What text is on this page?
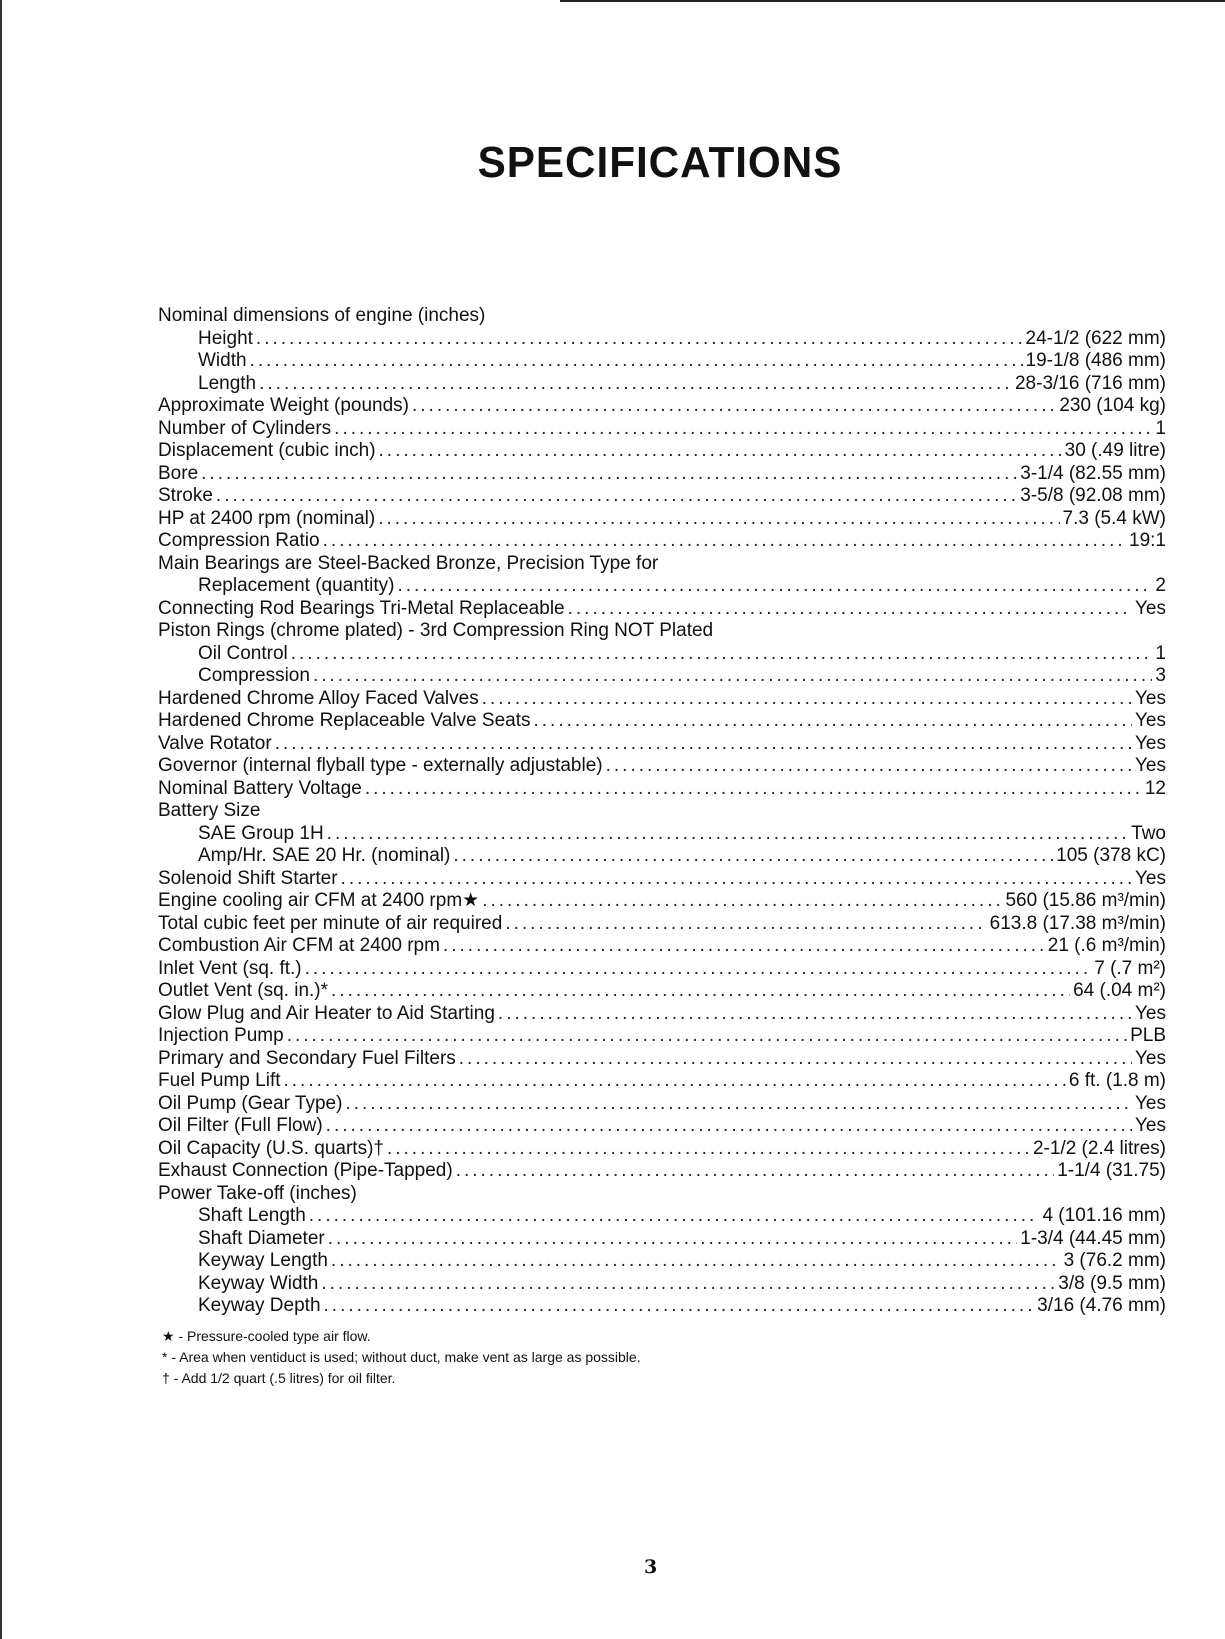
SPECIFICATIONS
Nominal dimensions of engine (inches)
Height .....	24-1/2 (622 mm)
Width .....	19-1/8 (486 mm)
Length .....	28-3/16 (716 mm)
Approximate Weight (pounds) .....	230 (104 kg)
Number of Cylinders .....	1
Displacement (cubic inch) .....	30 (.49 litre)
Bore .....	3-1/4 (82.55 mm)
Stroke .....	3-5/8 (92.08 mm)
HP at 2400 rpm (nominal) .....	7.3 (5.4 kW)
Compression Ratio .....	19:1
Main Bearings are Steel-Backed Bronze, Precision Type for
Replacement (quantity) .....	2
Connecting Rod Bearings Tri-Metal Replaceable .....	Yes
Piston Rings (chrome plated) - 3rd Compression Ring NOT Plated
Oil Control .....	1
Compression .....	3
Hardened Chrome Alloy Faced Valves .....	Yes
Hardened Chrome Replaceable Valve Seats .....	Yes
Valve Rotator .....	Yes
Governor (internal flyball type - externally adjustable) .....	Yes
Nominal Battery Voltage .....	12
Battery Size
SAE Group 1H .....	Two
Amp/Hr. SAE 20 Hr. (nominal) .....	105 (378 kC)
Solenoid Shift Starter .....	Yes
Engine cooling air CFM at 2400 rpm★ .....	560 (15.86 m³/min)
Total cubic feet per minute of air required .....	613.8 (17.38 m³/min)
Combustion Air CFM at 2400 rpm .....	21 (.6 m³/min)
Inlet Vent (sq. ft.) .....	7 (.7 m²)
Outlet Vent (sq. in.)* .....	64 (.04 m²)
Glow Plug and Air Heater to Aid Starting .....	Yes
Injection Pump .....	PLB
Primary and Secondary Fuel Filters .....	Yes
Fuel Pump Lift .....	6 ft. (1.8 m)
Oil Pump (Gear Type) .....	Yes
Oil Filter (Full Flow) .....	Yes
Oil Capacity (U.S. quarts)† .....	2-1/2 (2.4 litres)
Exhaust Connection (Pipe-Tapped) .....	1-1/4 (31.75)
Power Take-off (inches)
Shaft Length .....	4 (101.16 mm)
Shaft Diameter .....	1-3/4 (44.45 mm)
Keyway Length .....	3 (76.2 mm)
Keyway Width .....	3/8 (9.5 mm)
Keyway Depth .....	3/16 (4.76 mm)
★ - Pressure-cooled type air flow.
* - Area when ventiduct is used; without duct, make vent as large as possible.
† - Add 1/2 quart (.5 litres) for oil filter.
3
